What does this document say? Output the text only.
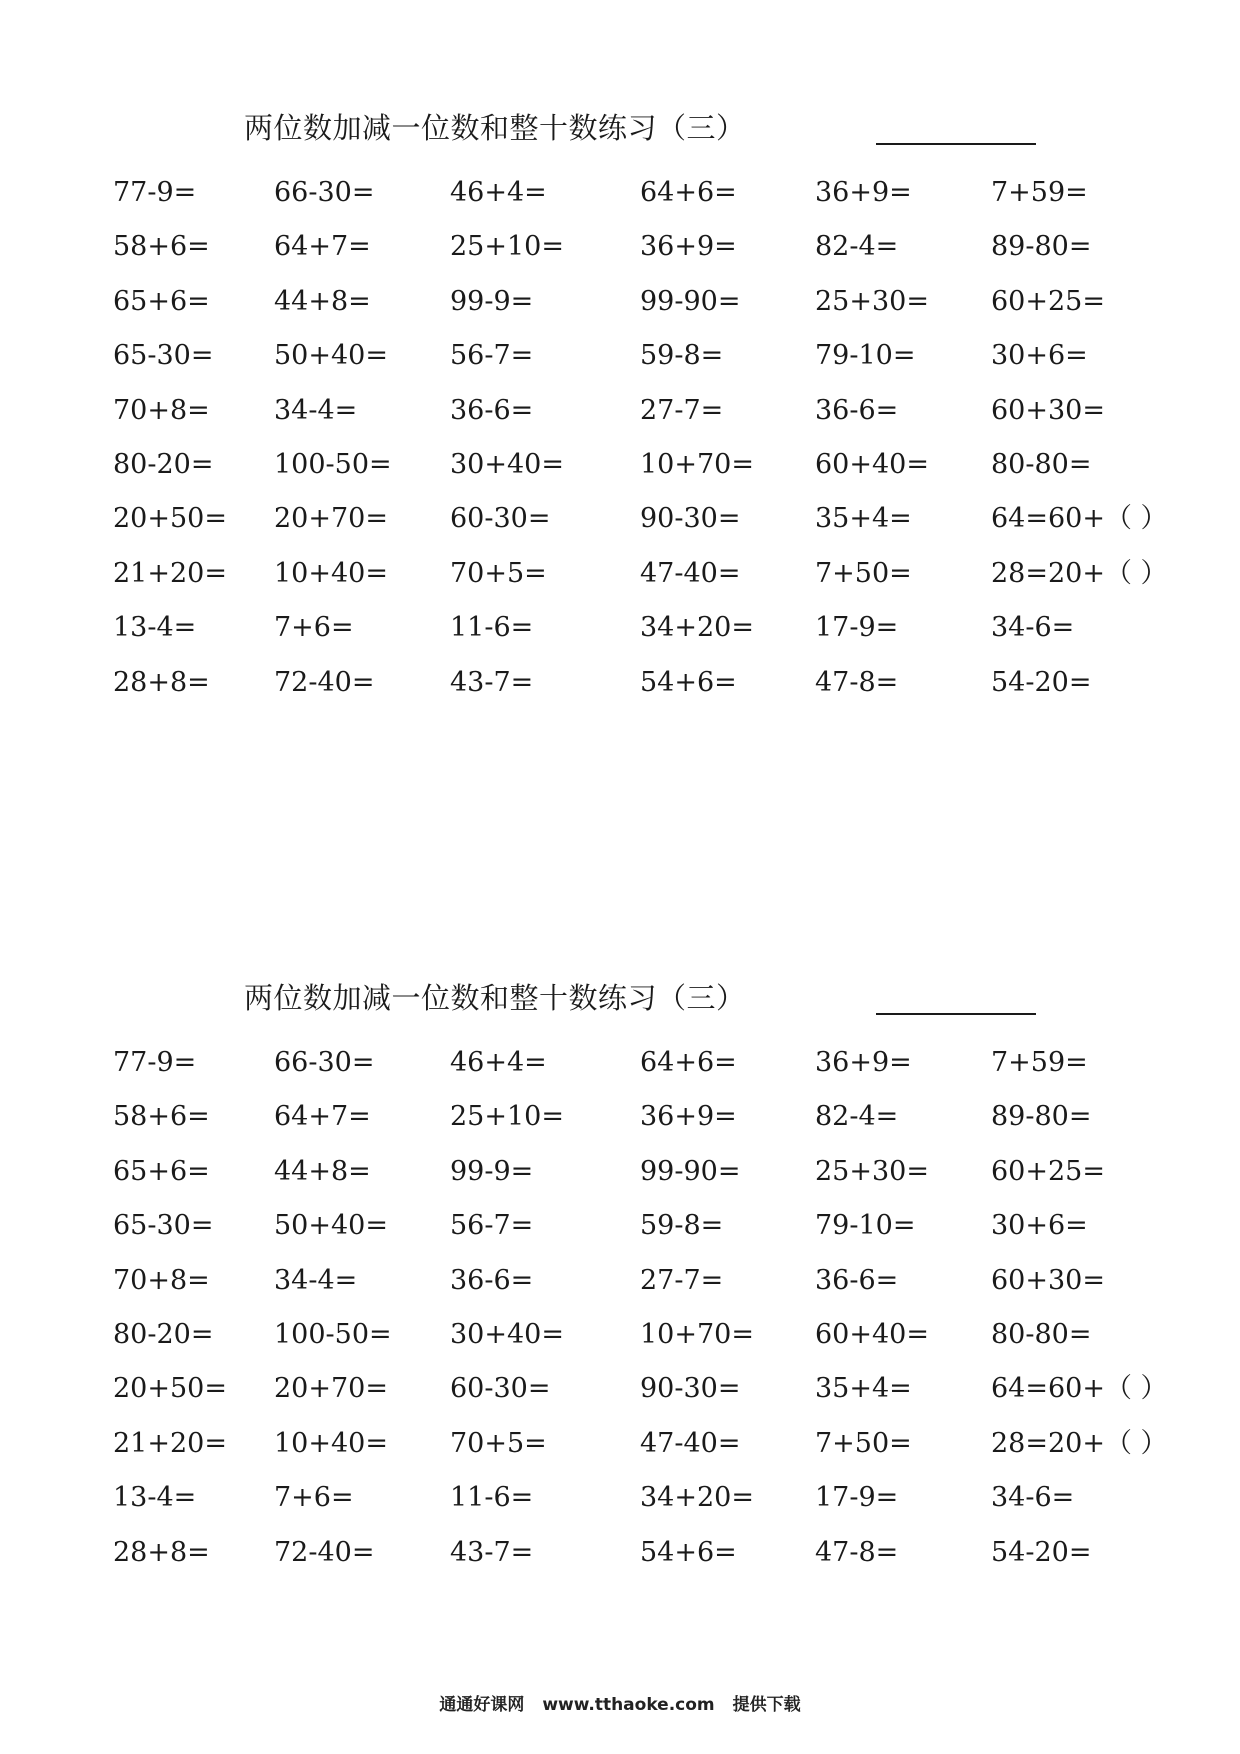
两位数加减一位数和整十数练习（三）
77-9=	66-30=	46+4=	64+6=	36+9=	7+59=
58+6= 64+7=	25+10=	36+9=	82-4=	89-80=
65+6= 44+8=	99-9=	99-90=	25+30= 60+25=
65-30= 50+40= 56-7=	59-8=	79-10=	30+6=
70+8= 34-4=	36-6=	27-7=	36-6=	60+30=
80-20= 100-50= 30+40=	10+70= 60+40= 80-80=
20+50= 20+70= 60-30=	90-30=	35+4=	64=60+（ ）
21+20= 10+40= 70+5=	47-40=	7+50=	28=20+（ ）
13-4=	7+6=	11-6=	34+20= 17-9=	34-6=
28+8= 72-40=	43-7=	54+6=	47-8=	54-20=
两位数加减一位数和整十数练习（三）
77-9=	66-30=	46+4=	64+6=	36+9=	7+59=
58+6= 64+7=	25+10=	36+9=	82-4=	89-80=
65+6= 44+8=	99-9=	99-90=	25+30= 60+25=
65-30= 50+40= 56-7=	59-8=	79-10=	30+6=
70+8= 34-4=	36-6=	27-7=	36-6=	60+30=
80-20= 100-50= 30+40=	10+70= 60+40= 80-80=
20+50= 20+70= 60-30=	90-30=	35+4=	64=60+（ ）
21+20= 10+40= 70+5=	47-40=	7+50=	28=20+（ ）
13-4=	7+6=	11-6=	34+20= 17-9=	34-6=
28+8= 72-40=	43-7=	54+6=	47-8=	54-20=
通通好课网 www.tthaoke.com 提供下载
